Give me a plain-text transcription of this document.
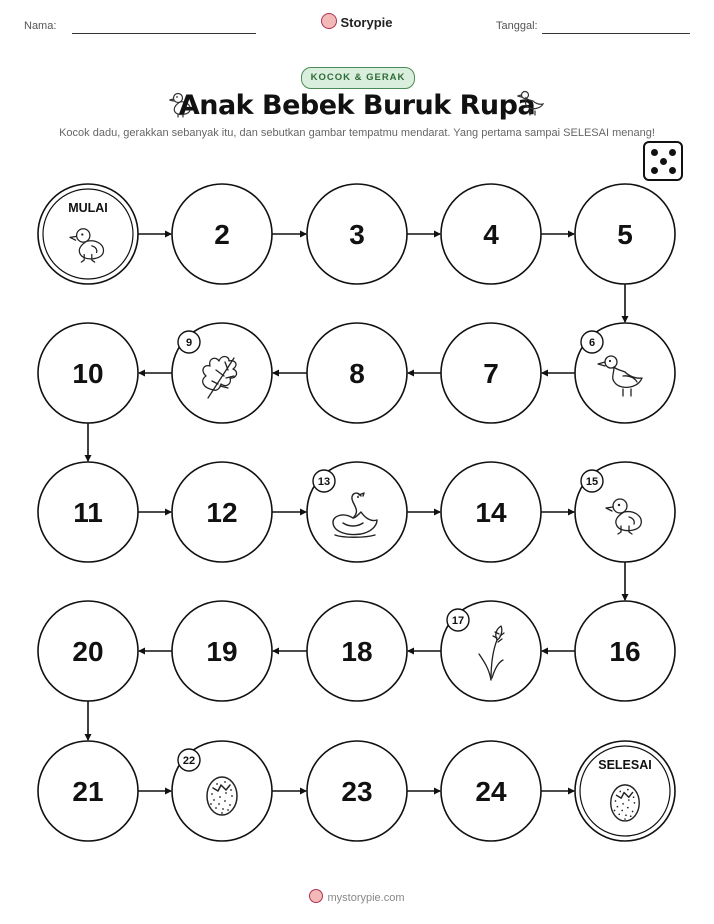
Nama:	Storypie	Tanggal:
KOCOK & GERAK
Anak Bebek Buruk Rupa
Kocok dadu, gerakkan sebanyak itu, dan sebutkan gambar tempatmu mendarat. Yang pertama sampai SELESAI menang!
MULAI
2	3	4	5
6
7
8
9
10
11	12
13
14
15
16
17
18
19
20
21
22
23	24
SELESAI
mystorypie.com
